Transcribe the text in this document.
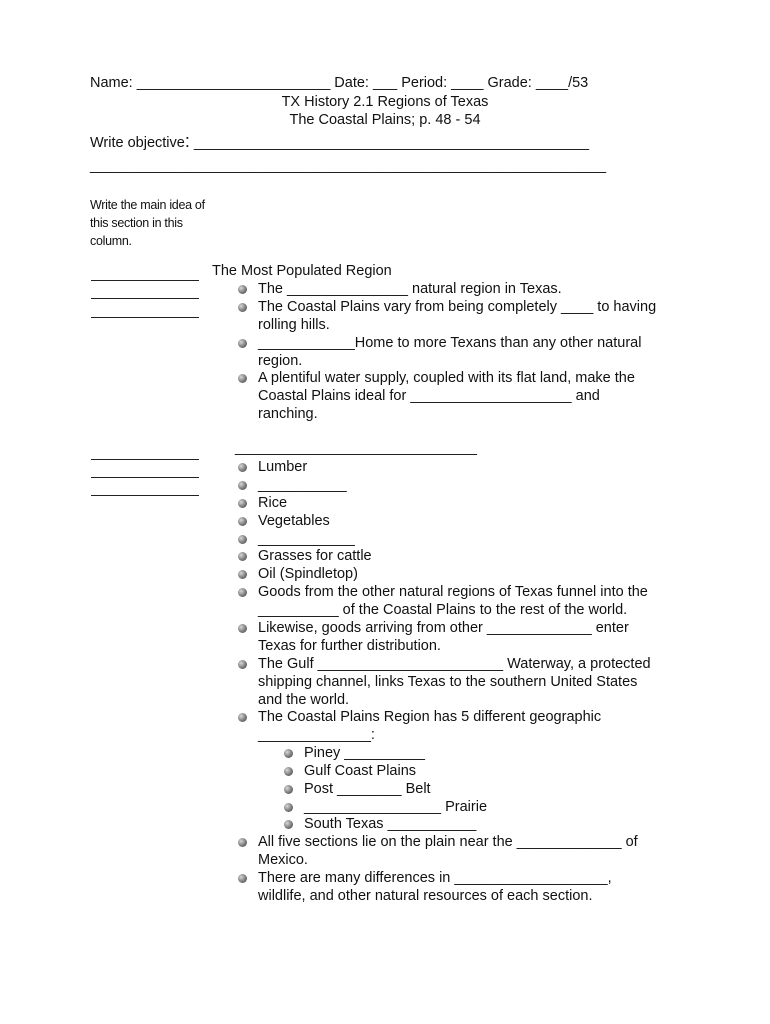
Name: ________________________ Date: ___ Period: ____ Grade: ____/53
TX History 2.1 Regions of Texas
The Coastal Plains; p. 48 - 54
Write objective: _________________________________________________
________________________________________________________________
Write the main idea of this section in this column.
The Most Populated Region
The _______________ natural region in Texas.
The Coastal Plains vary from being completely ____ to having
rolling hills.
____________Home to more Texans than any other natural
region.
A plentiful water supply, coupled with its flat land, make the
Coastal Plains ideal for ____________________ and
ranching.
______________________________
Lumber
___________
Rice
Vegetables
____________
Grasses for cattle
Oil (Spindletop)
Goods from the other natural regions of Texas funnel into the
__________ of the Coastal Plains to the rest of the world.
Likewise, goods arriving from other _____________ enter
Texas for further distribution.
The Gulf _______________________ Waterway, a protected
shipping channel, links Texas to the southern United States
and the world.
The Coastal Plains Region has 5 different geographic
______________:
Piney __________
Gulf Coast Plains
Post ________ Belt
_________________ Prairie
South Texas ___________
All five sections lie on the plain near the _____________ of
Mexico.
There are many differences in ___________________,
wildlife, and other natural resources of each section.
